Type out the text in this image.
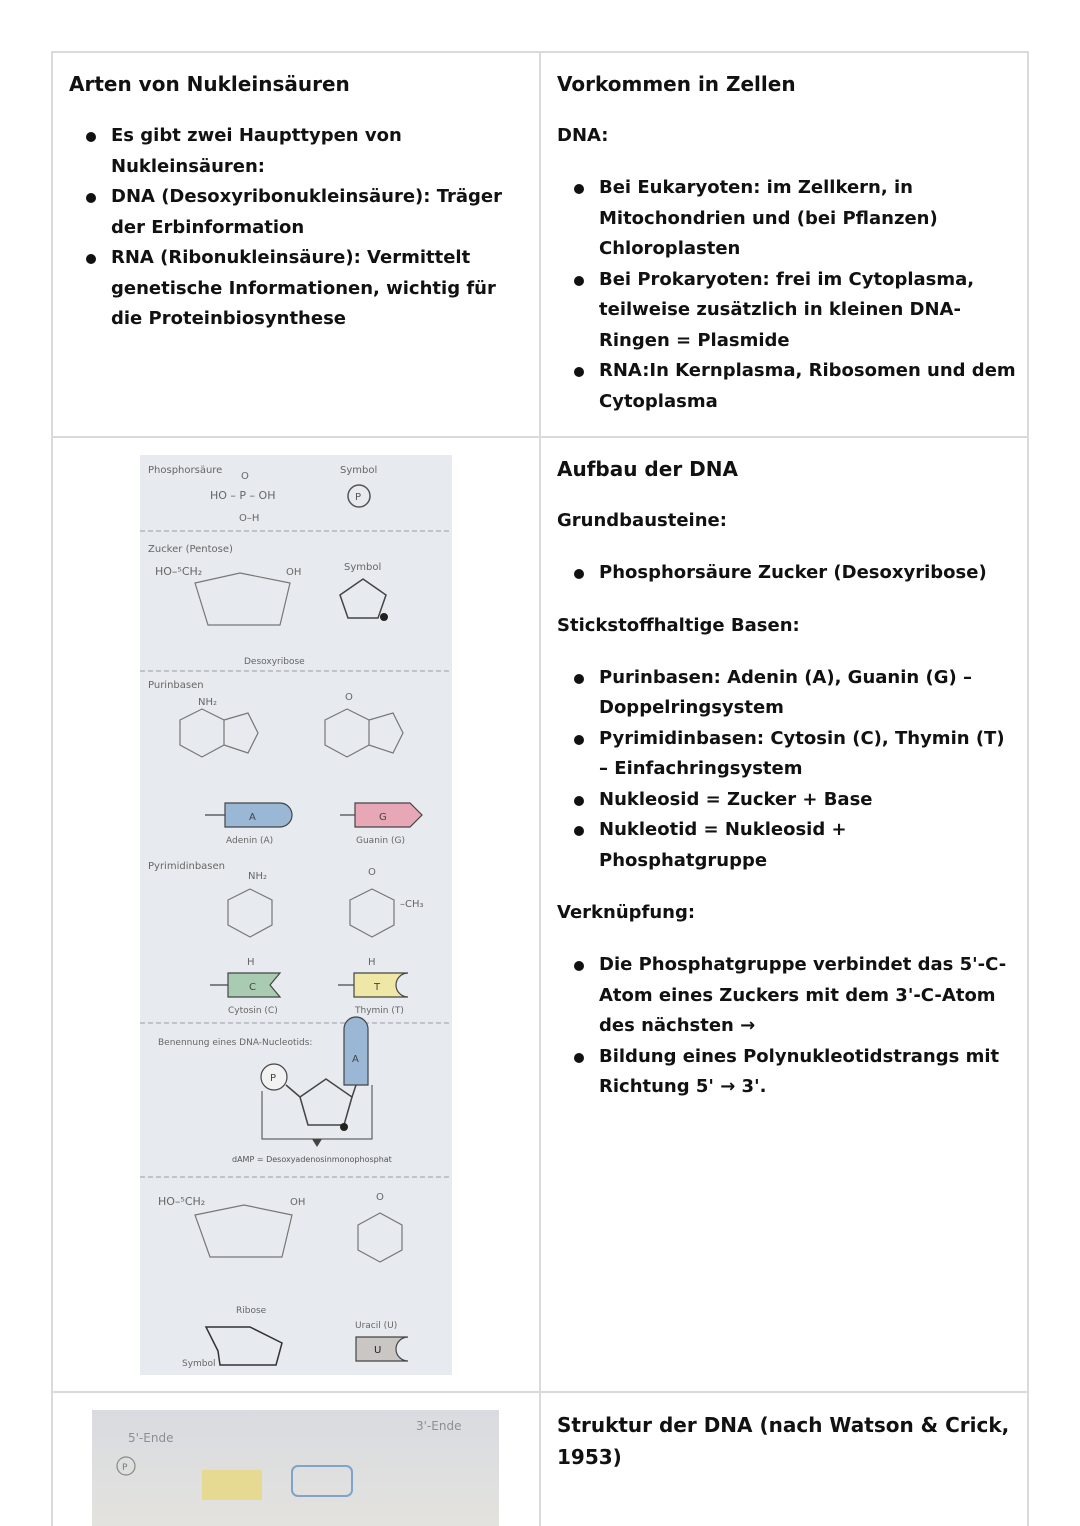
Arten von Nukleinsäuren
Es gibt zwei Haupttypen von Nukleinsäuren:
DNA (Desoxyribonukleinsäure): Träger der Erbinformation
RNA (Ribonukleinsäure): Vermittelt genetische Informationen, wichtig für die Proteinbiosynthese
Vorkommen in Zellen

DNA:

Bei Eukaryoten: im Zellkern, in Mitochondrien und (bei Pflanzen) Chloroplasten
Bei Prokaryoten: frei im Cytoplasma, teilweise zusätzlich in kleinen DNA-Ringen = Plasmide
RNA:In Kernplasma, Ribosomen und dem Cytoplasma
Phosphorsäure	Symbol
O
HO – P – OH
O–H
P
Zucker (Pentose)
Symbol
HO–⁵CH₂	OH
Desoxyribose
Purinbasen
NH₂	O
A	G
Adenin (A)	Guanin (G)
Pyrimidinbasen
NH₂	O
–CH₃
H	H
C	T
Cytosin (C)	Thymin (T)
Benennung eines DNA-Nucleotids:
A
P
dAMP = Desoxyadenosinmonophosphat
HO–⁵CH₂	OH	O
Ribose
Uracil (U)
Symbol
U
Aufbau der DNA

Grundbausteine:

Phosphorsäure Zucker (Desoxyribose)

Stickstoffhaltige Basen:

Purinbasen: Adenin (A), Guanin (G) – Doppelringsystem
Pyrimidinbasen: Cytosin (C), Thymin (T) – Einfachringsystem
Nukleosid = Zucker + Base
Nukleotid = Nukleosid + Phosphatgruppe

Verknüpfung:

Die Phosphatgruppe verbindet das 5'-C-Atom eines Zuckers mit dem 3'-C-Atom des nächsten →
Bildung eines Polynukleotidstrangs mit Richtung 5' → 3'.
5'-Ende
3'-Ende
P
Struktur der DNA (nach Watson & Crick, 1953)
